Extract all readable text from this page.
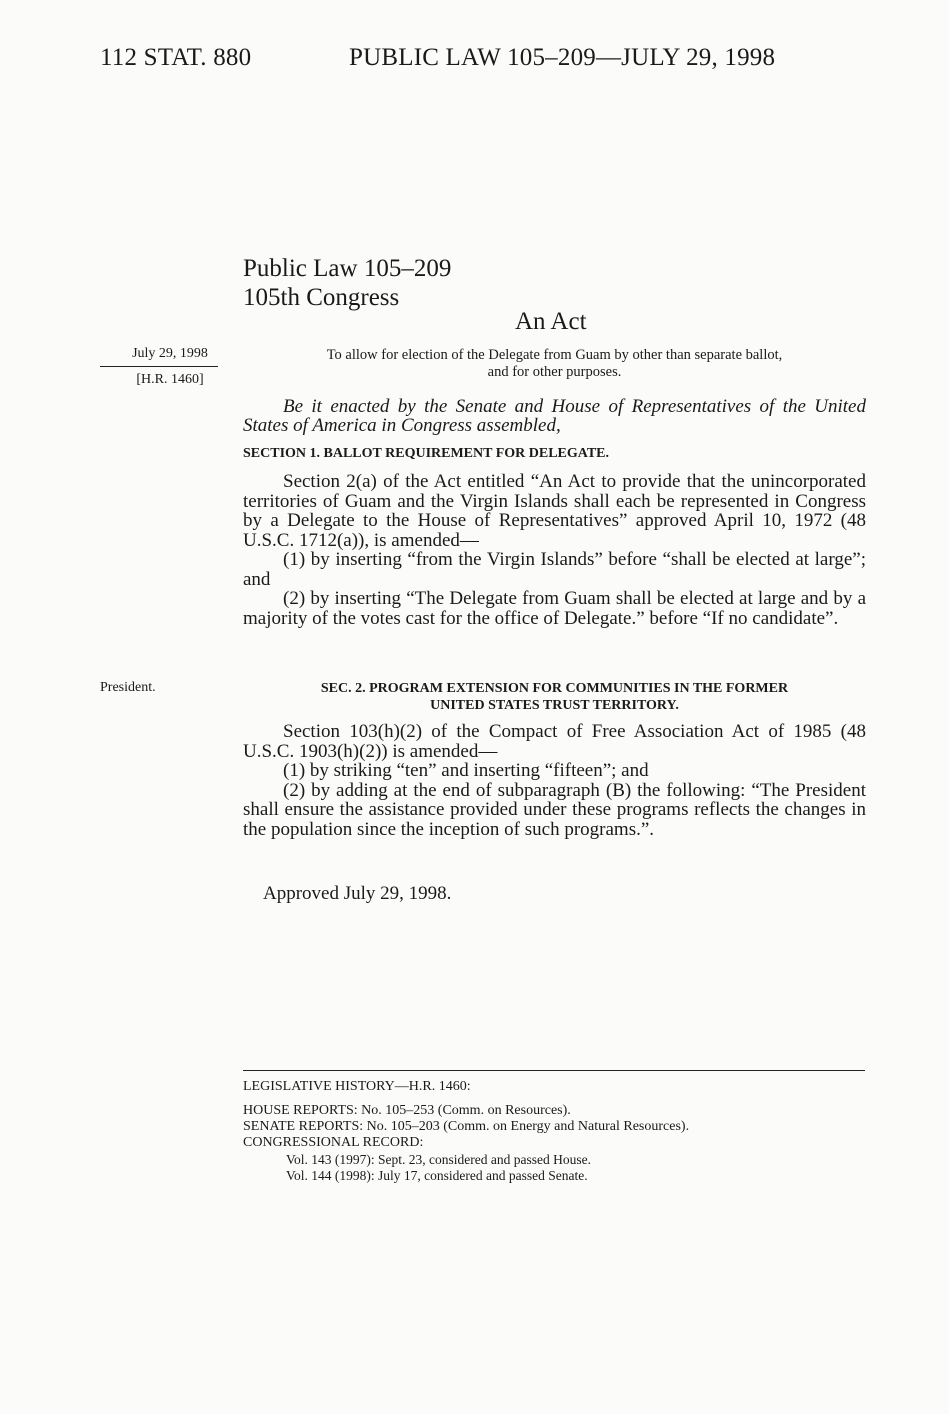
112 STAT. 880	PUBLIC LAW 105–209—JULY 29, 1998
Public Law 105–209
105th Congress
An Act
July 29, 1998
[H.R. 1460]
President.
To allow for election of the Delegate from Guam by other than separate ballot,
and for other purposes.
Be it enacted by the Senate and House of Representatives of the United States of America in Congress assembled,
SECTION 1. BALLOT REQUIREMENT FOR DELEGATE.
Section 2(a) of the Act entitled “An Act to provide that the unincorporated territories of Guam and the Virgin Islands shall each be represented in Congress by a Delegate to the House of Representatives” approved April 10, 1972 (48 U.S.C. 1712(a)), is amended—
(1) by inserting “from the Virgin Islands” before “shall be elected at large”; and
(2) by inserting “The Delegate from Guam shall be elected at large and by a majority of the votes cast for the office of Delegate.” before “If no candidate”.
SEC. 2. PROGRAM EXTENSION FOR COMMUNITIES IN THE FORMER
UNITED STATES TRUST TERRITORY.
Section 103(h)(2) of the Compact of Free Association Act of 1985 (48 U.S.C. 1903(h)(2)) is amended—
(1) by striking “ten” and inserting “fifteen”; and
(2) by adding at the end of subparagraph (B) the following: “The President shall ensure the assistance provided under these programs reflects the changes in the population since the inception of such programs.”.
Approved July 29, 1998.
LEGISLATIVE HISTORY—H.R. 1460:
HOUSE REPORTS: No. 105–253 (Comm. on Resources).
SENATE REPORTS: No. 105–203 (Comm. on Energy and Natural Resources).
CONGRESSIONAL RECORD:
Vol. 143 (1997): Sept. 23, considered and passed House.
Vol. 144 (1998): July 17, considered and passed Senate.
